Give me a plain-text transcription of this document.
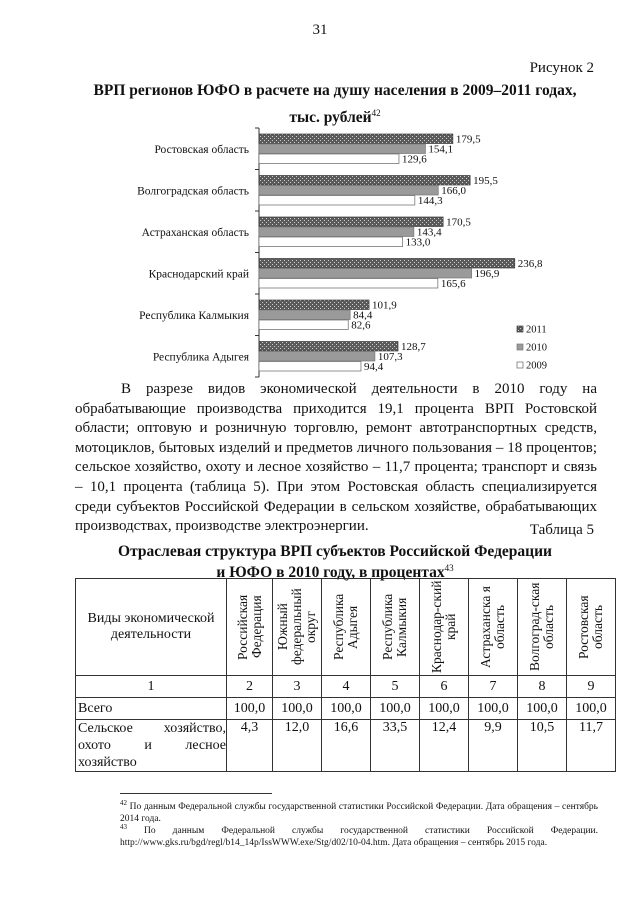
31
Рисунок 2
ВРП регионов ЮФО в расчете на душу населения в 2009–2011 годах,
тыс. рублей$^{42}$
Ростовская область
179,5
154,1
129,6
Волгоградская область
195,5
166,0
144,3
Астраханская область
170,5
143,4
133,0
Краснодарский край
236,8
196,9
165,6
Республика Калмыкия
101,9
84,4
82,6
Республика Адыгея
128,7
107,3
94,4
2011
2010
2009
В разрезе видов экономической деятельности в 2010 году на обрабатывающие производства приходится 19,1 процента ВРП Ростовской области; оптовую и розничную торговлю, ремонт автотранспортных средств, мотоциклов, бытовых изделий и предметов личного пользования – 18 процентов; сельское хозяйство, охоту и лесное хозяйство – 11,7 процента; транспорт и связь – 10,1 процента (таблица 5). При этом Ростовская область специализируется среди субъектов Российской Федерации в сельском хозяйстве, обрабатывающих производствах, производстве электроэнергии.	Таблица 5
Отраслевая структура ВРП субъектов Российской Федерации
и ЮФО в 2010 году, в процентах$^{43}$
Виды экономической деятельности	Российская Федерация	Южный федеральный округ	Республика Адыгея	Республика Калмыкия	Краснодар-ский край	Астраханска я область	Волгоград-ская область	Ростовская область

1	2	3	4	5	6	7	8	9
Всего	100,0	100,0	100,0	100,0	100,0	100,0	100,0	100,0
Сельское хозяйство, охото и лесное хозяйство	4,3	12,0	16,6	33,5	12,4	9,9	10,5	11,7
$^{42}$ По данным Федеральной службы государственной статистики Российской Федерации. Дата обращения – сентябрь 2014 года.
$^{43}$ По данным Федеральной службы государственной статистики Российской Федерации. http://www.gks.ru/bgd/regl/b14_14p/IssWWW.exe/Stg/d02/10-04.htm. Дата обращения – сентябрь 2015 года.
